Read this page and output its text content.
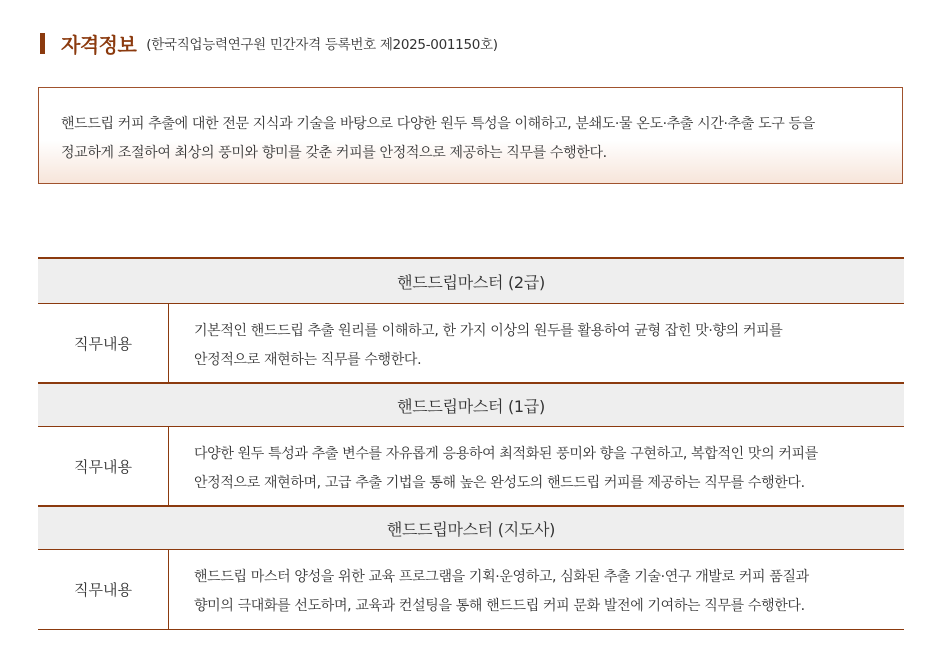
자격정보 (한국직업능력연구원 민간자격 등록번호 제2025-001150호)
핸드드립 커피 추출에 대한 전문 지식과 기술을 바탕으로 다양한 원두 특성을 이해하고, 분쇄도·물 온도·추출 시간·추출 도구 등을
정교하게 조절하여 최상의 풍미와 향미를 갖춘 커피를 안정적으로 제공하는 직무를 수행한다.
핸드드립마스터 (2급)
직무내용
기본적인 핸드드립 추출 원리를 이해하고, 한 가지 이상의 원두를 활용하여 균형 잡힌 맛·향의 커피를
안정적으로 재현하는 직무를 수행한다.
핸드드립마스터 (1급)
직무내용
다양한 원두 특성과 추출 변수를 자유롭게 응용하여 최적화된 풍미와 향을 구현하고, 복합적인 맛의 커피를
안정적으로 재현하며, 고급 추출 기법을 통해 높은 완성도의 핸드드립 커피를 제공하는 직무를 수행한다.
핸드드립마스터 (지도사)
직무내용
핸드드립 마스터 양성을 위한 교육 프로그램을 기획·운영하고, 심화된 추출 기술·연구 개발로 커피 품질과
향미의 극대화를 선도하며, 교육과 컨설팅을 통해 핸드드립 커피 문화 발전에 기여하는 직무를 수행한다.
